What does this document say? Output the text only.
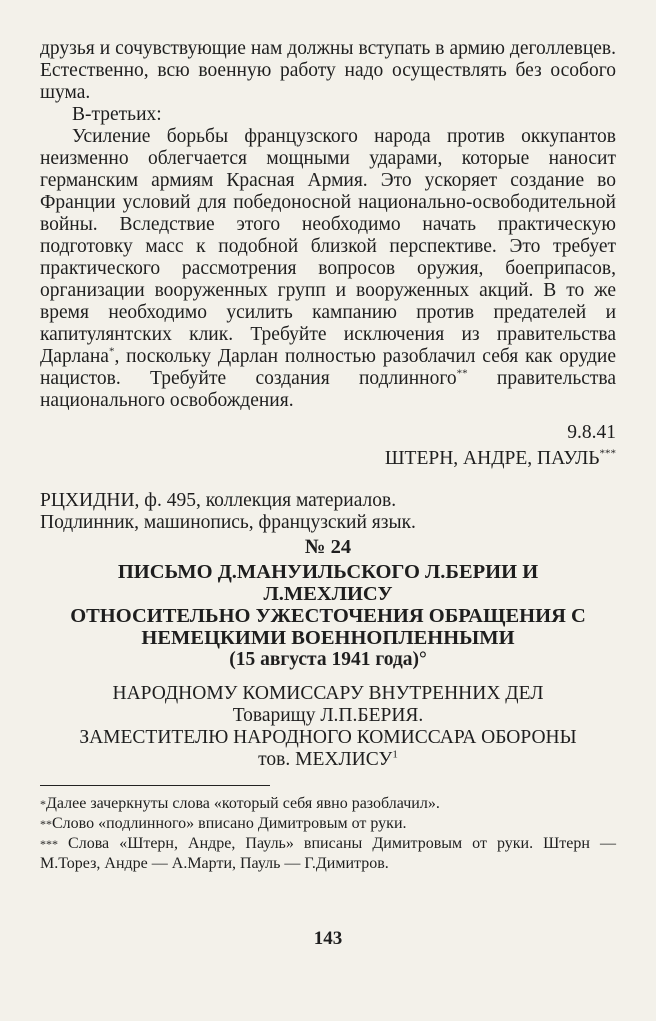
друзья и сочувствующие нам должны вступать в армию деголлевцев. Естественно, всю военную работу надо осуществлять без особого шума.

В-третьих:

Усиление борьбы французского народа против оккупантов неизменно облегчается мощными ударами, которые наносит германским армиям Красная Армия. Это ускоряет создание во Франции условий для победоносной национально-освободительной войны. Вследствие этого необходимо начать практическую подготовку масс к подобной близкой перспективе. Это требует практического рассмотрения вопросов оружия, боеприпасов, организации вооруженных групп и вооруженных акций. В то же время необходимо усилить кампанию против предателей и капитулянтских клик. Требуйте исключения из правительства Дарлана*, поскольку Дарлан полностью разоблачил себя как орудие нацистов. Требуйте создания подлинного** правительства национального освобождения.

9.8.41

ШТЕРН, АНДРЕ, ПАУЛЬ***

РЦХИДНИ, ф. 495, коллекция материалов.

Подлинник, машинопись, французский язык.

№ 24
ПИСЬМО Д.МАНУИЛЬСКОГО Л.БЕРИИ И
Л.МЕХЛИСУ
ОТНОСИТЕЛЬНО УЖЕСТОЧЕНИЯ ОБРАЩЕНИЯ С
НЕМЕЦКИМИ ВОЕННОПЛЕННЫМИ
(15 августа 1941 года)°
НАРОДНОМУ КОМИССАРУ ВНУТРЕННИХ ДЕЛ
Товарищу Л.П.БЕРИЯ.
ЗАМЕСТИТЕЛЮ НАРОДНОГО КОМИССАРА ОБОРОНЫ
тов. МЕХЛИСУ$^1$
*Далее зачеркнуты слова «который себя явно разоблачил».
**Слово «подлинного» вписано Димитровым от руки.
*** Слова «Штерн, Андре, Пауль» вписаны Димитровым от руки. Штерн — М.Торез, Андре — А.Марти, Пауль — Г.Димитров.
143
